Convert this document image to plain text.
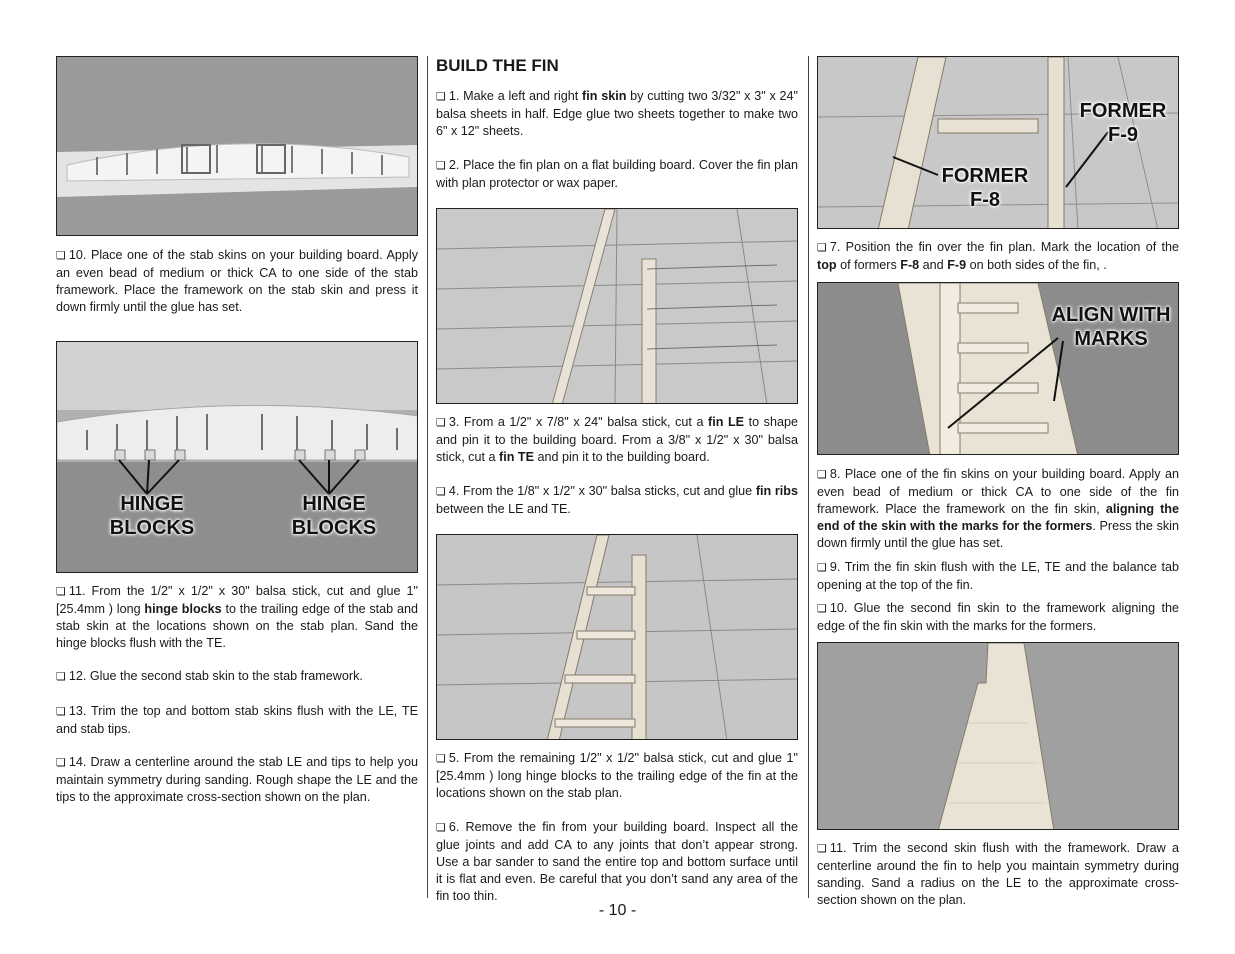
❏ 10. Place one of the stab skins on your building board. Apply an even bead of medium or thick CA to one side of the stab framework. Place the framework on the stab skin and press it down firmly until the glue has set.

HINGE
BLOCKS
HINGE
BLOCKS

❏ 11. From the 1/2" x 1/2" x 30" balsa stick, cut and glue 1" [25.4mm ) long hinge blocks to the trailing edge of the stab and stab skin at the locations shown on the stab plan. Sand the hinge blocks flush with the TE.

❏ 12. Glue the second stab skin to the stab framework.

❏ 13. Trim the top and bottom stab skins flush with the LE, TE and stab tips.

❏ 14. Draw a centerline around the stab LE and tips to help you maintain symmetry during sanding. Rough shape the LE and the tips to the approximate cross-section shown on the plan.

BUILD THE FIN

❏ 1. Make a left and right fin skin by cutting two 3/32" x 3" x 24" balsa sheets in half. Edge glue two sheets together to make two 6" x 12" sheets.

❏ 2. Place the fin plan on a flat building board. Cover the fin plan with plan protector or wax paper.

❏ 3. From a 1/2" x 7/8" x 24" balsa stick, cut a fin LE to shape and pin it to the building board. From a 3/8" x 1/2" x 30" balsa stick, cut a fin TE and pin it to the building board.

❏ 4. From the 1/8" x 1/2" x 30" balsa sticks, cut and glue fin ribs between the LE and TE.

❏ 5. From the remaining 1/2" x 1/2" balsa stick, cut and glue 1" [25.4mm ) long hinge blocks to the trailing edge of the fin at the locations shown on the stab plan.

❏ 6. Remove the fin from your building board. Inspect all the glue joints and add CA to any joints that don’t appear strong. Use a bar sander to sand the entire top and bottom surface until it is flat and even. Be careful that you don’t sand any area of the fin too thin.

FORMER
F-9
FORMER
F-8

❏ 7. Position the fin over the fin plan. Mark the location of the top of formers F-8 and F-9 on both sides of the fin, .

ALIGN WITH
MARKS

❏ 8. Place one of the fin skins on your building board. Apply an even bead of medium or thick CA to one side of the fin framework. Place the framework on the fin skin, aligning the end of the skin with the marks for the formers. Press the skin down firmly until the glue has set.

❏ 9. Trim the fin skin flush with the LE, TE and the balance tab opening at the top of the fin.

❏ 10. Glue the second fin skin to the framework aligning the edge of the fin skin with the marks for the formers.

❏ 11. Trim the second skin flush with the framework. Draw a centerline around the fin to help you maintain symmetry during sanding. Sand a radius on the LE to the approximate cross-section shown on the plan.

- 10 -
